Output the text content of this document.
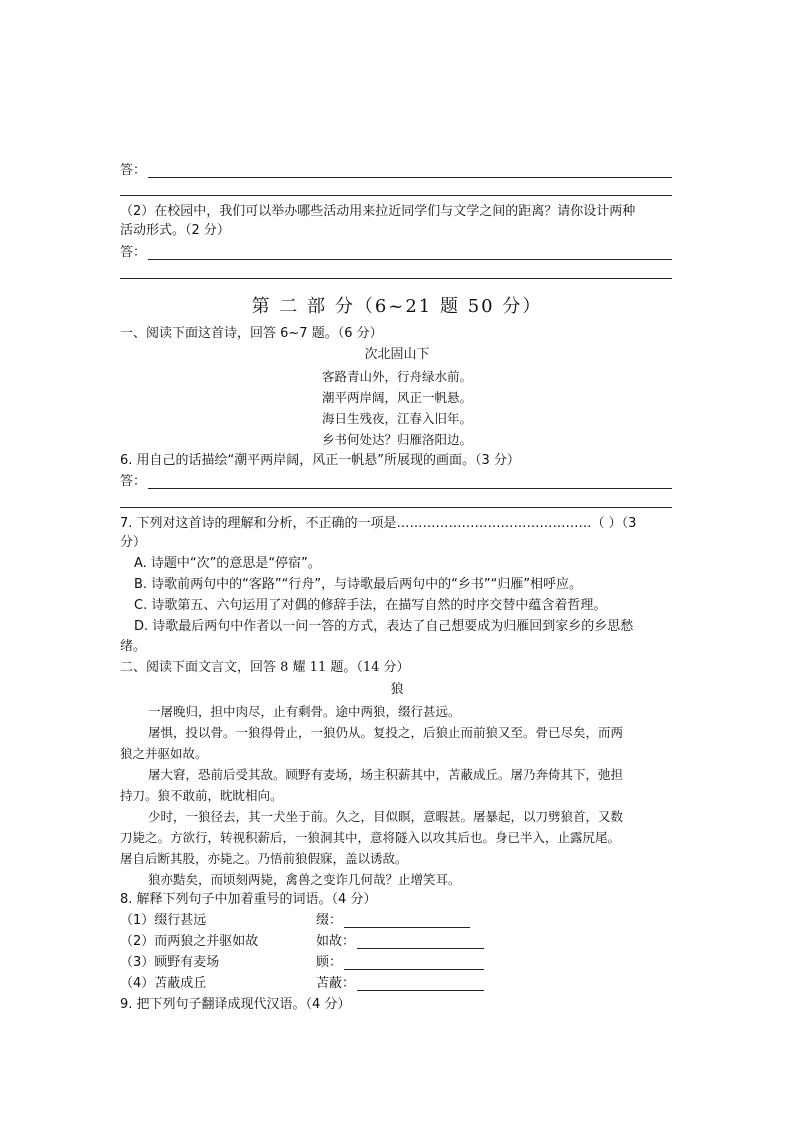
答：
（2）在校园中，我们可以举办哪些活动用来拉近同学们与文学之间的距离？请你设计两种
活动形式。（2 分）
答：
第 二 部 分（6~21 题 50 分）
一、阅读下面这首诗，回答 6~7 题。（6 分）
次北固山下
客路青山外，行舟绿水前。
潮平两岸阔，风正一帆悬。
海日生残夜，江春入旧年。
乡书何处达？归雁洛阳边。
6. 用自己的话描绘“潮平两岸阔，风正一帆悬”所展现的画面。（3 分）
答：
7. 下列对这首诗的理解和分析，不正确的一项是………………………………………（ ）（3
分）
A. 诗题中“次”的意思是“停宿”。
B. 诗歌前两句中的“客路”“行舟”，与诗歌最后两句中的“乡书”“归雁”相呼应。
C. 诗歌第五、六句运用了对偶的修辞手法，在描写自然的时序交替中蕴含着哲理。
D. 诗歌最后两句中作者以一问一答的方式，表达了自己想要成为归雁回到家乡的乡思愁
绪。
二、阅读下面文言文，回答 8 耀 11 题。（14 分）
狼
一屠晚归，担中肉尽，止有剩骨。途中两狼，缀行甚远。
屠惧，投以骨。一狼得骨止，一狼仍从。复投之，后狼止而前狼又至。骨已尽矣，而两
狼之并驱如故。
屠大窘，恐前后受其敌。顾野有麦场，场主积薪其中，苫蔽成丘。屠乃奔倚其下，弛担
持刀。狼不敢前，眈眈相向。
少时，一狼径去，其一犬坐于前。久之，目似瞑，意暇甚。屠暴起，以刀劈狼首，又数
刀毙之。方欲行，转视积薪后，一狼洞其中，意将隧入以攻其后也。身已半入，止露尻尾。
屠自后断其股，亦毙之。乃悟前狼假寐，盖以诱敌。
狼亦黠矣，而顷刻两毙，禽兽之变诈几何哉？止增笑耳。
8. 解释下列句子中加着重号的词语。（4 分）
（1）缀行甚远	缀：
（2）而两狼之并驱如故	如故：
（3）顾野有麦场	顾：
（4）苫蔽成丘	苫蔽：
9. 把下列句子翻译成现代汉语。（4 分）
